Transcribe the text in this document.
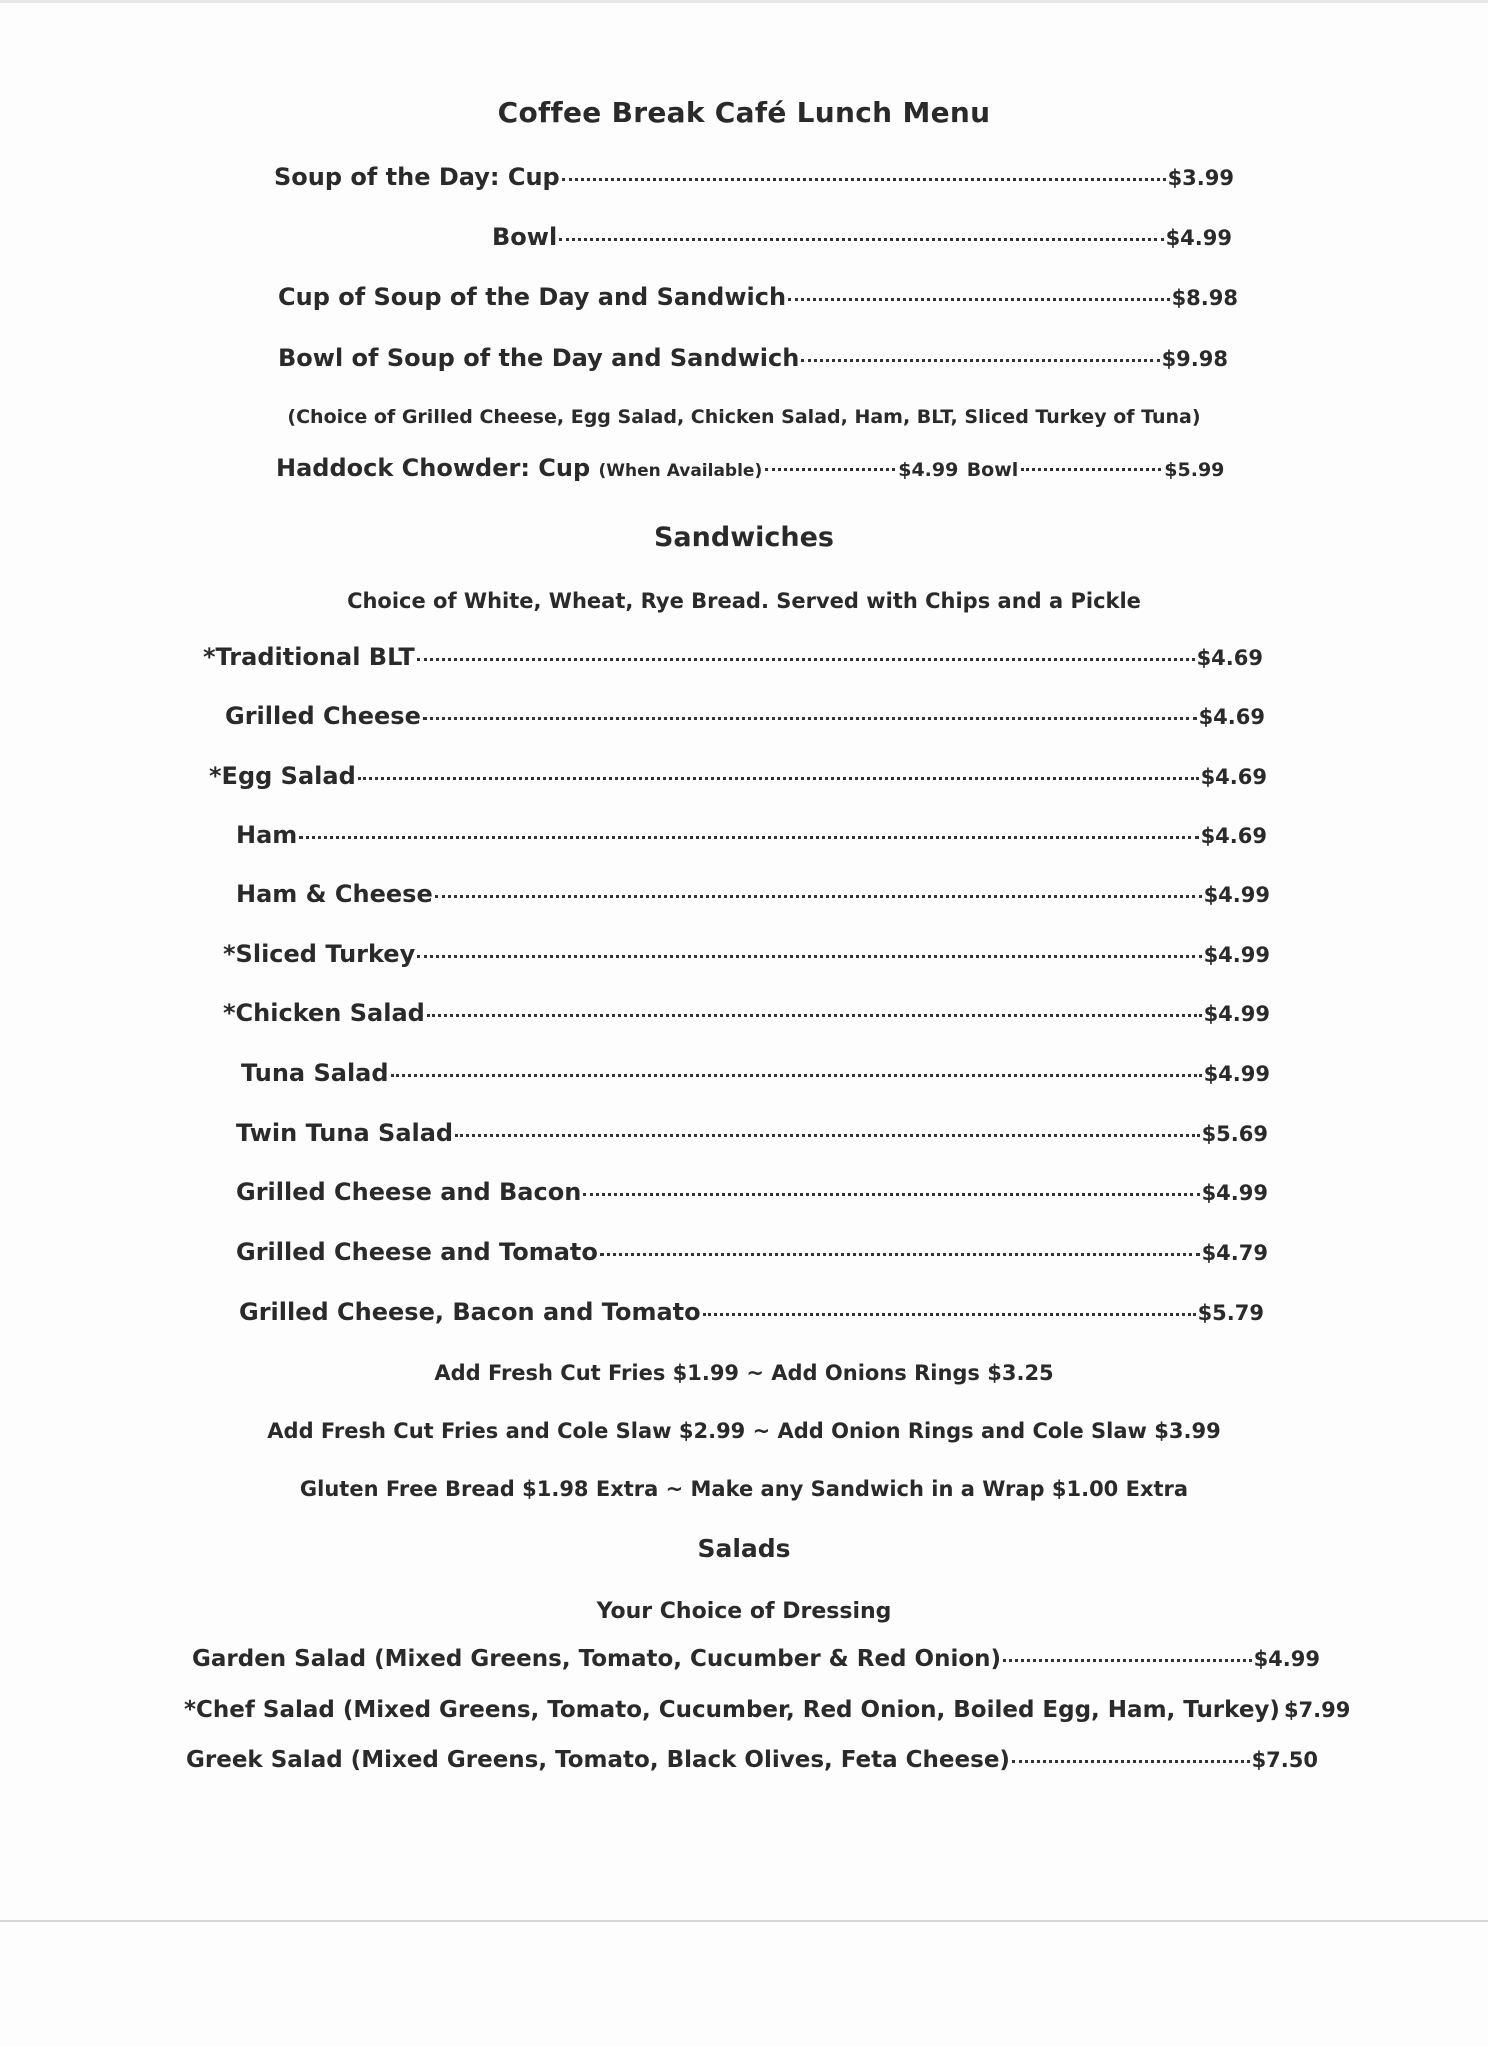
Coffee Break Café Lunch Menu
Soup of the Day: Cup	$3.99
Bowl	$4.99
Cup of Soup of the Day and Sandwich	$8.98
Bowl of Soup of the Day and Sandwich	$9.98
(Choice of Grilled Cheese, Egg Salad, Chicken Salad, Ham, BLT, Sliced Turkey of Tuna)
Haddock Chowder: Cup (When Available)	$4.99 Bowl	$5.99
Sandwiches
Choice of White, Wheat, Rye Bread. Served with Chips and a Pickle
*Traditional BLT	$4.69
Grilled Cheese	$4.69
*Egg Salad	$4.69
Ham	$4.69
Ham & Cheese	$4.99
*Sliced Turkey	$4.99
*Chicken Salad	$4.99
Tuna Salad	$4.99
Twin Tuna Salad	$5.69
Grilled Cheese and Bacon	$4.99
Grilled Cheese and Tomato	$4.79
Grilled Cheese, Bacon and Tomato	$5.79
Add Fresh Cut Fries $1.99 ~ Add Onions Rings $3.25
Add Fresh Cut Fries and Cole Slaw $2.99 ~ Add Onion Rings and Cole Slaw $3.99
Gluten Free Bread $1.98 Extra ~ Make any Sandwich in a Wrap $1.00 Extra
Salads
Your Choice of Dressing
Garden Salad (Mixed Greens, Tomato, Cucumber & Red Onion)	$4.99
*Chef Salad (Mixed Greens, Tomato, Cucumber, Red Onion, Boiled Egg, Ham, Turkey) $7.99
Greek Salad (Mixed Greens, Tomato, Black Olives, Feta Cheese)	$7.50
